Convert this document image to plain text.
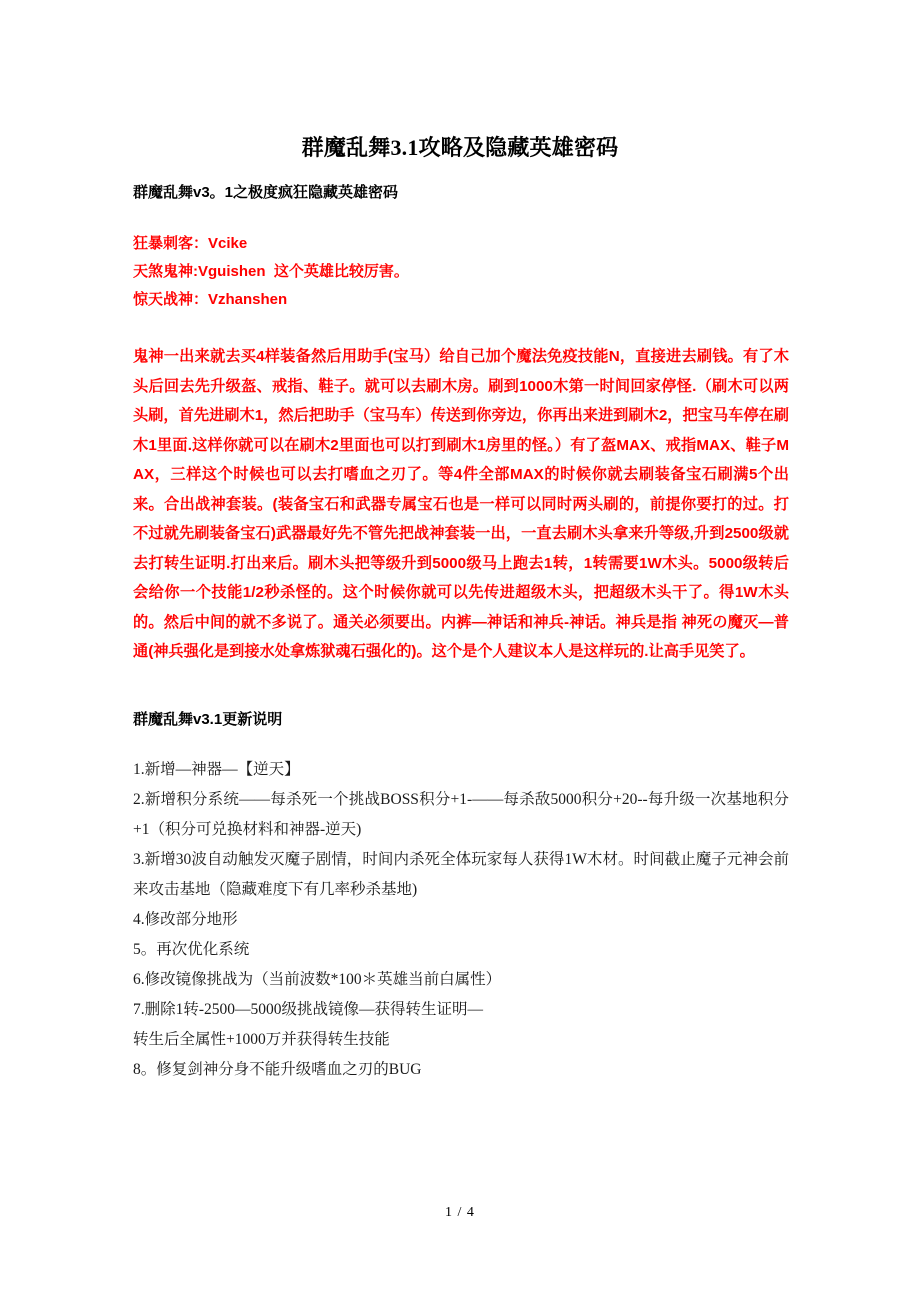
群魔乱舞3.1攻略及隐藏英雄密码

群魔乱舞v3。1之极度疯狂隐藏英雄密码

狂暴刺客：Vcike
天煞鬼神:Vguishen  这个英雄比较厉害。
惊天战神：Vzhanshen

鬼神一出来就去买4样装备然后用助手(宝马）给自己加个魔法免疫技能N，直接进去刷钱。有了木头后回去先升级盔、戒指、鞋子。就可以去刷木房。刷到1000木第一时间回家停怪.（刷木可以两头刷，首先进刷木1，然后把助手（宝马车）传送到你旁边，你再出来进到刷木2，把宝马车停在刷木1里面.这样你就可以在刷木2里面也可以打到刷木1房里的怪。）有了盔MAX、戒指MAX、鞋子MAX，三样这个时候也可以去打嗜血之刃了。等4件全部MAX的时候你就去刷装备宝石刷满5个出来。合出战神套装。(装备宝石和武器专属宝石也是一样可以同时两头刷的，前提你要打的过。打不过就先刷装备宝石)武器最好先不管先把战神套装一出，一直去刷木头拿来升等级,升到2500级就去打转生证明.打出来后。刷木头把等级升到5000级马上跑去1转，1转需要1W木头。5000级转后会给你一个技能1/2秒杀怪的。这个时候你就可以先传进超级木头，把超级木头干了。得1W木头的。然后中间的就不多说了。通关必须要出。内裤—神话和神兵-神话。神兵是指 神死の魔灭—普通(神兵强化是到接水处拿炼狱魂石强化的)。这个是个人建议本人是这样玩的.让高手见笑了。

群魔乱舞v3.1更新说明

1.新增—神器—【逆天】
2.新增积分系统——每杀死一个挑战BOSS积分+1-——每杀敌5000积分+20--每升级一次基地积分+1（积分可兑换材料和神器-逆天)
3.新增30波自动触发灭魔子剧情，时间内杀死全体玩家每人获得1W木材。时间截止魔子元神会前来攻击基地（隐藏难度下有几率秒杀基地)
4.修改部分地形
5。再次优化系统
6.修改镜像挑战为（当前波数*100＊英雄当前白属性）
7.删除1转-2500—5000级挑战镜像—获得转生证明—
转生后全属性+1000万并获得转生技能
8。修复剑神分身不能升级嗜血之刃的BUG
1 / 4
